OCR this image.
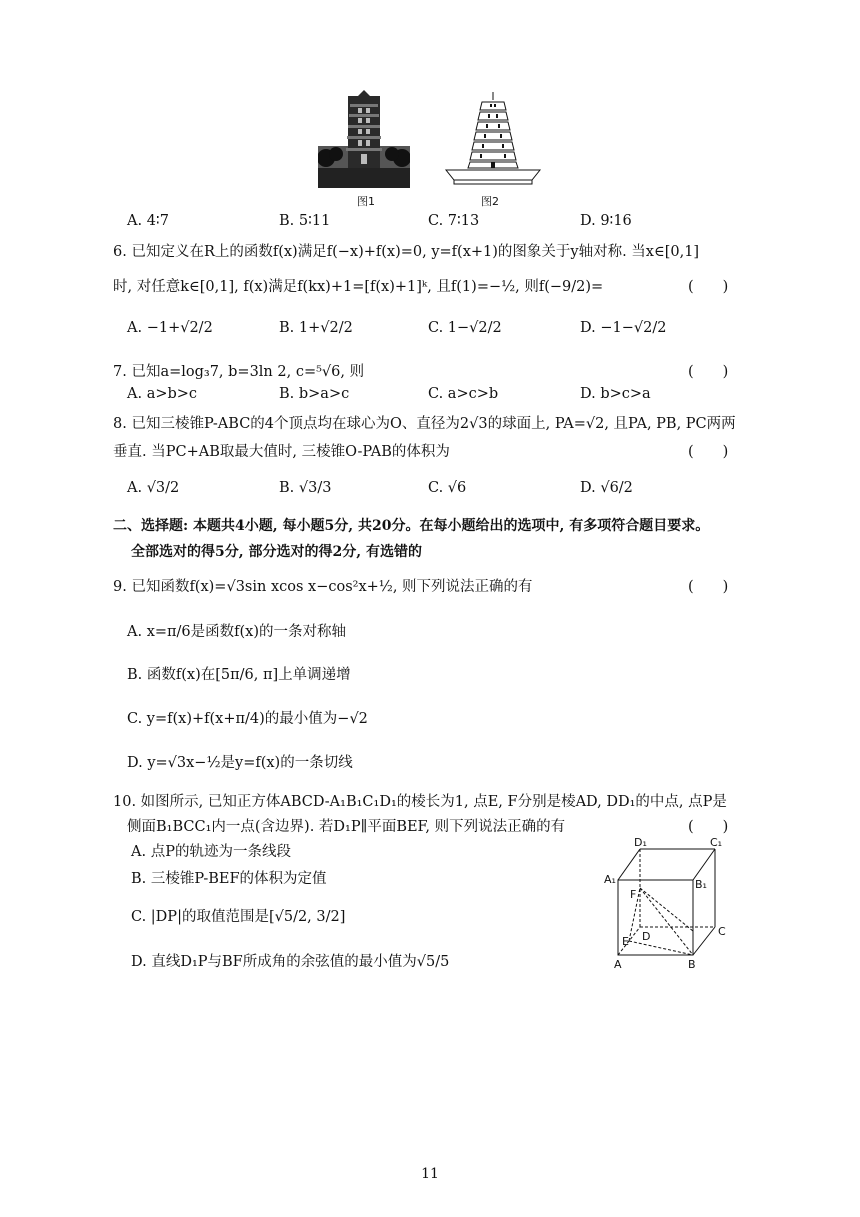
图1	图2
A. 4∶7	B. 5∶11	C. 7∶13	D. 9∶16
6. 已知定义在R上的函数f(x)满足f(−x)+f(x)=0, y=f(x+1)的图象关于y轴对称. 当x∈[0,1]
时, 对任意k∈[0,1], f(x)满足f(kx)+1=[f(x)+1]ᵏ, 且f(1)=−½, 则f(−9/2)=	(　　)
A. −1+√2/2	B. 1+√2/2	C. 1−√2/2	D. −1−√2/2
7. 已知a=log₃7, b=3ln 2, c=⁵√6, 则	(　　)
A. a>b>c	B. b>a>c	C. a>c>b	D. b>c>a
8. 已知三棱锥P-ABC的4个顶点均在球心为O、直径为2√3的球面上, PA=√2, 且PA, PB, PC两两
垂直. 当PC+AB取最大值时, 三棱锥O-PAB的体积为	(　　)
A. √3/2	B. √3/3	C. √6	D. √6/2
二、选择题: 本题共4小题, 每小题5分, 共20分。在每小题给出的选项中, 有多项符合题目要求。
全部选对的得5分, 部分选对的得2分, 有选错的
9. 已知函数f(x)=√3sin xcos x−cos²x+½, 则下列说法正确的有	(　　)
A. x=π/6是函数f(x)的一条对称轴
B. 函数f(x)在[5π/6, π]上单调递增
C. y=f(x)+f(x+π/4)的最小值为−√2
D. y=√3x−½是y=f(x)的一条切线
10. 如图所示, 已知正方体ABCD-A₁B₁C₁D₁的棱长为1, 点E, F分别是棱AD, DD₁的中点, 点P是
侧面B₁BCC₁内一点(含边界). 若D₁P∥平面BEF, 则下列说法正确的有	(　　)
A. 点P的轨迹为一条线段
B. 三棱锥P-BEF的体积为定值
C. |DP|的取值范围是[√5/2, 3/2]
D. 直线D₁P与BF所成角的余弦值的最小值为√5/5
D₁	C₁
A₁	B₁
F
E D	C
A	B
11
